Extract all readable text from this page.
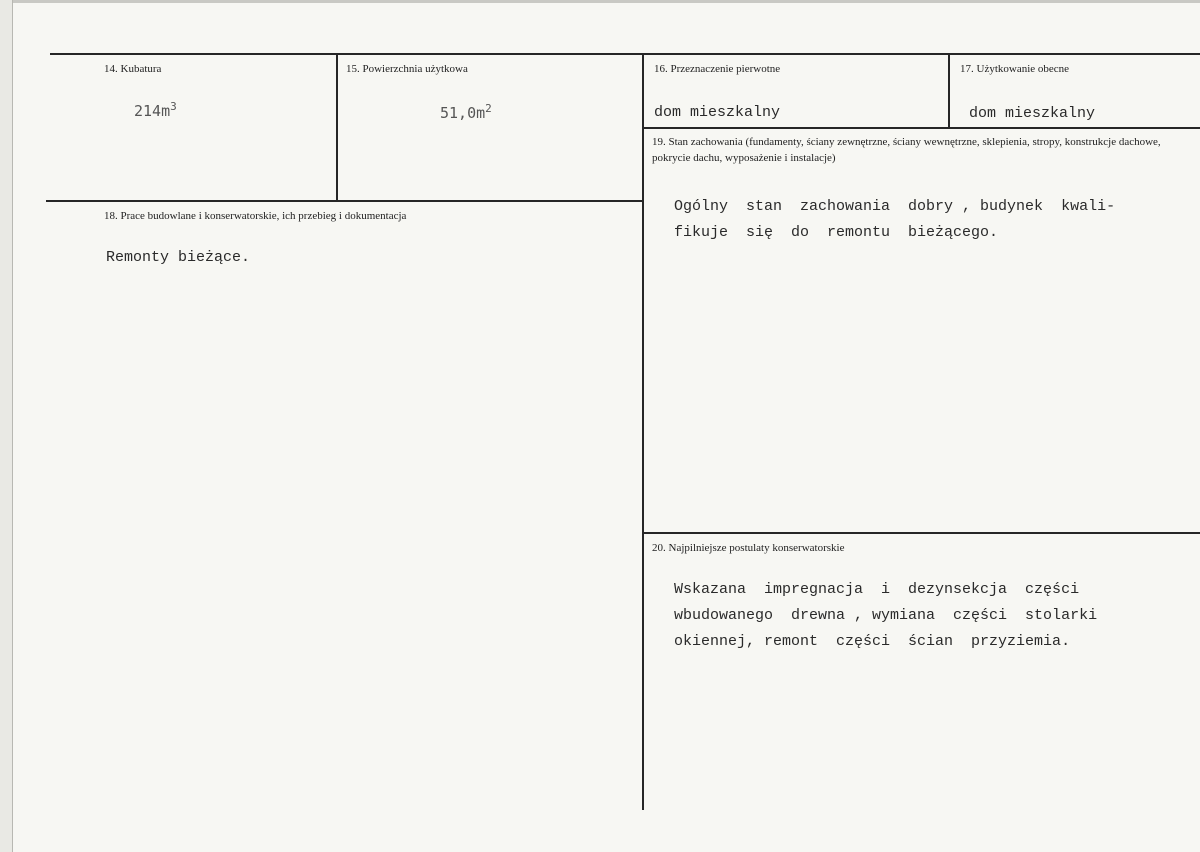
14. Kubatura
$214m^3$
15. Powierzchnia użytkowa
$51,0m^2$
16. Przeznaczenie pierwotne
dom mieszkalny
17. Użytkowanie obecne
dom mieszkalny
18. Prace budowlane i konserwatorskie, ich przebieg i dokumentacja
Remonty bieżące.
19. Stan zachowania (fundamenty, ściany zewnętrzne, ściany wewnętrzne, sklepienia, stropy, konstrukcje dachowe, pokrycie dachu, wyposażenie i instalacje)
Ogólny  stan  zachowania  dobry , budynek  kwali-
fikuje  się  do  remontu  bieżącego.
20. Najpilniejsze postulaty konserwatorskie
Wskazana  impregnacja  i  dezynsekcja  części
wbudowanego  drewna , wymiana  części  stolarki
okiennej, remont  części  ścian  przyziemia.
